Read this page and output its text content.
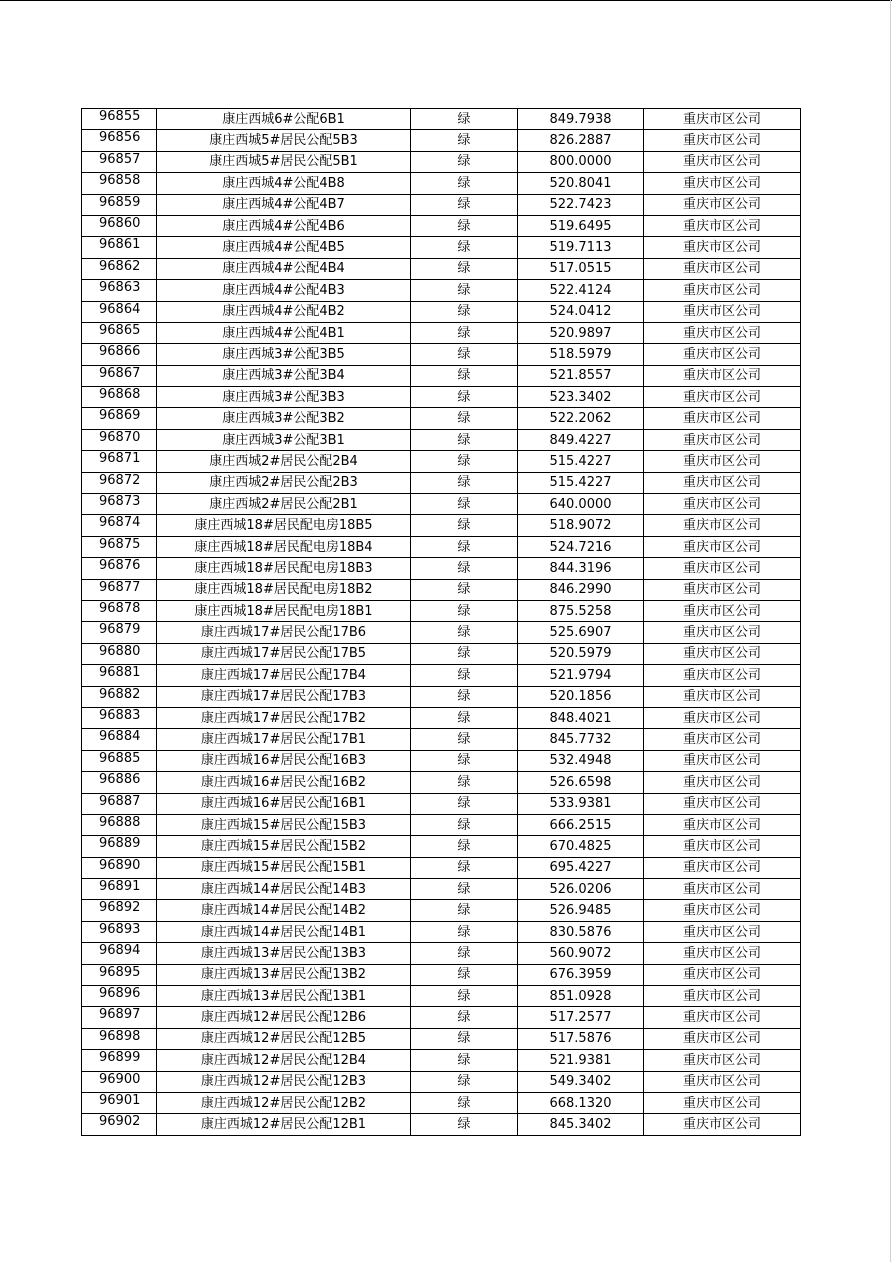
96855	康庄西城6#公配6B1	绿	849.7938	重庆市区公司
96856	康庄西城5#居民公配5B3	绿	826.2887	重庆市区公司
96857	康庄西城5#居民公配5B1	绿	800.0000	重庆市区公司
96858	康庄西城4#公配4B8	绿	520.8041	重庆市区公司
96859	康庄西城4#公配4B7	绿	522.7423	重庆市区公司
96860	康庄西城4#公配4B6	绿	519.6495	重庆市区公司
96861	康庄西城4#公配4B5	绿	519.7113	重庆市区公司
96862	康庄西城4#公配4B4	绿	517.0515	重庆市区公司
96863	康庄西城4#公配4B3	绿	522.4124	重庆市区公司
96864	康庄西城4#公配4B2	绿	524.0412	重庆市区公司
96865	康庄西城4#公配4B1	绿	520.9897	重庆市区公司
96866	康庄西城3#公配3B5	绿	518.5979	重庆市区公司
96867	康庄西城3#公配3B4	绿	521.8557	重庆市区公司
96868	康庄西城3#公配3B3	绿	523.3402	重庆市区公司
96869	康庄西城3#公配3B2	绿	522.2062	重庆市区公司
96870	康庄西城3#公配3B1	绿	849.4227	重庆市区公司
96871	康庄西城2#居民公配2B4	绿	515.4227	重庆市区公司
96872	康庄西城2#居民公配2B3	绿	515.4227	重庆市区公司
96873	康庄西城2#居民公配2B1	绿	640.0000	重庆市区公司
96874	康庄西城18#居民配电房18B5	绿	518.9072	重庆市区公司
96875	康庄西城18#居民配电房18B4	绿	524.7216	重庆市区公司
96876	康庄西城18#居民配电房18B3	绿	844.3196	重庆市区公司
96877	康庄西城18#居民配电房18B2	绿	846.2990	重庆市区公司
96878	康庄西城18#居民配电房18B1	绿	875.5258	重庆市区公司
96879	康庄西城17#居民公配17B6	绿	525.6907	重庆市区公司
96880	康庄西城17#居民公配17B5	绿	520.5979	重庆市区公司
96881	康庄西城17#居民公配17B4	绿	521.9794	重庆市区公司
96882	康庄西城17#居民公配17B3	绿	520.1856	重庆市区公司
96883	康庄西城17#居民公配17B2	绿	848.4021	重庆市区公司
96884	康庄西城17#居民公配17B1	绿	845.7732	重庆市区公司
96885	康庄西城16#居民公配16B3	绿	532.4948	重庆市区公司
96886	康庄西城16#居民公配16B2	绿	526.6598	重庆市区公司
96887	康庄西城16#居民公配16B1	绿	533.9381	重庆市区公司
96888	康庄西城15#居民公配15B3	绿	666.2515	重庆市区公司
96889	康庄西城15#居民公配15B2	绿	670.4825	重庆市区公司
96890	康庄西城15#居民公配15B1	绿	695.4227	重庆市区公司
96891	康庄西城14#居民公配14B3	绿	526.0206	重庆市区公司
96892	康庄西城14#居民公配14B2	绿	526.9485	重庆市区公司
96893	康庄西城14#居民公配14B1	绿	830.5876	重庆市区公司
96894	康庄西城13#居民公配13B3	绿	560.9072	重庆市区公司
96895	康庄西城13#居民公配13B2	绿	676.3959	重庆市区公司
96896	康庄西城13#居民公配13B1	绿	851.0928	重庆市区公司
96897	康庄西城12#居民公配12B6	绿	517.2577	重庆市区公司
96898	康庄西城12#居民公配12B5	绿	517.5876	重庆市区公司
96899	康庄西城12#居民公配12B4	绿	521.9381	重庆市区公司
96900	康庄西城12#居民公配12B3	绿	549.3402	重庆市区公司
96901	康庄西城12#居民公配12B2	绿	668.1320	重庆市区公司
96902	康庄西城12#居民公配12B1	绿	845.3402	重庆市区公司
